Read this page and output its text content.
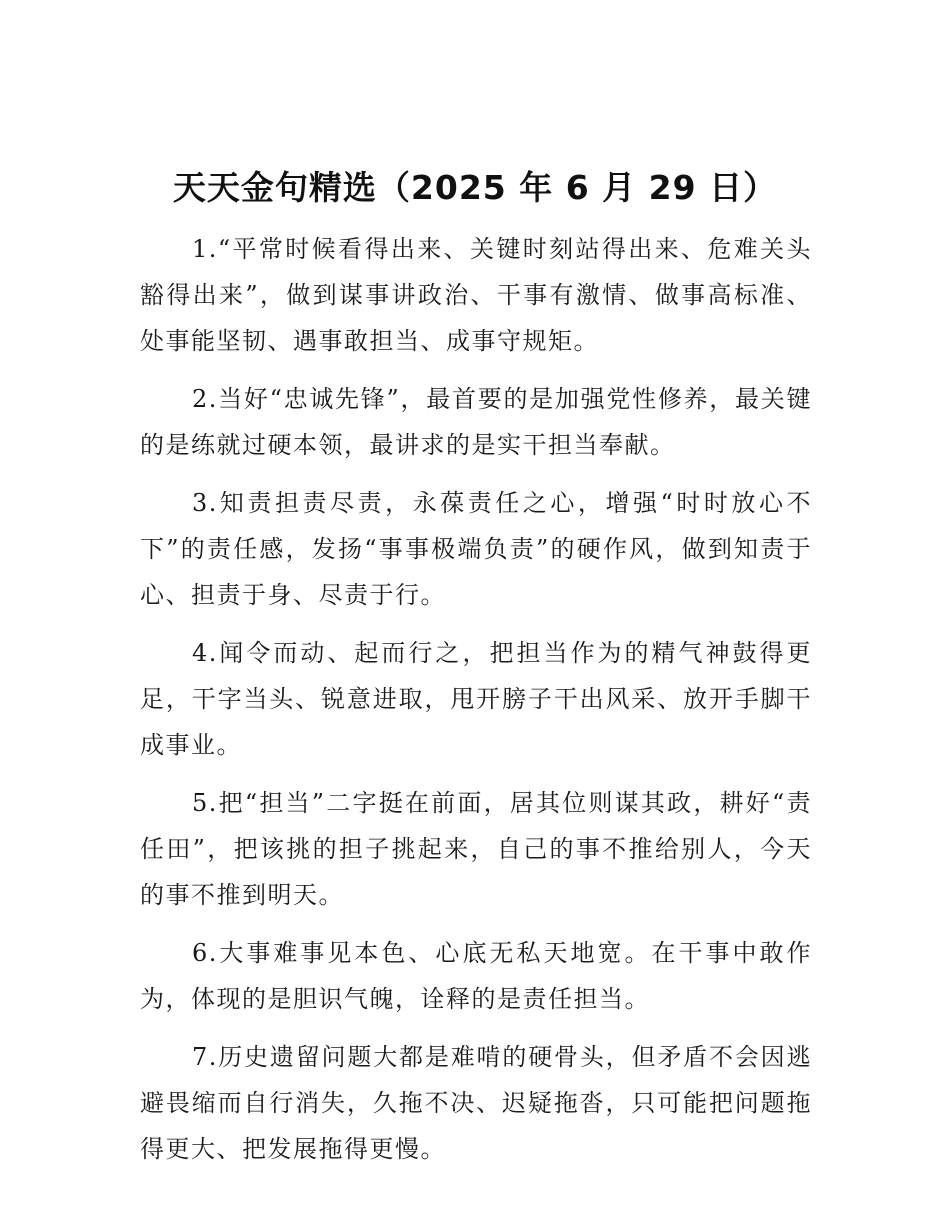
天天金句精选（2025 年 6 月 29 日）

1.“平常时候看得出来、关键时刻站得出来、危难关头豁得出来”，做到谋事讲政治、干事有激情、做事高标准、处事能坚韧、遇事敢担当、成事守规矩。

2.当好“忠诚先锋”，最首要的是加强党性修养，最关键的是练就过硬本领，最讲求的是实干担当奉献。

3.知责担责尽责，永葆责任之心，增强“时时放心不下”的责任感，发扬“事事极端负责”的硬作风，做到知责于心、担责于身、尽责于行。

4.闻令而动、起而行之，把担当作为的精气神鼓得更足，干字当头、锐意进取，甩开膀子干出风采、放开手脚干成事业。

5.把“担当”二字挺在前面，居其位则谋其政，耕好“责任田”，把该挑的担子挑起来，自己的事不推给别人，今天的事不推到明天。

6.大事难事见本色、心底无私天地宽。在干事中敢作为，体现的是胆识气魄，诠释的是责任担当。

7.历史遗留问题大都是难啃的硬骨头，但矛盾不会因逃避畏缩而自行消失，久拖不决、迟疑拖沓，只可能把问题拖得更大、把发展拖得更慢。
